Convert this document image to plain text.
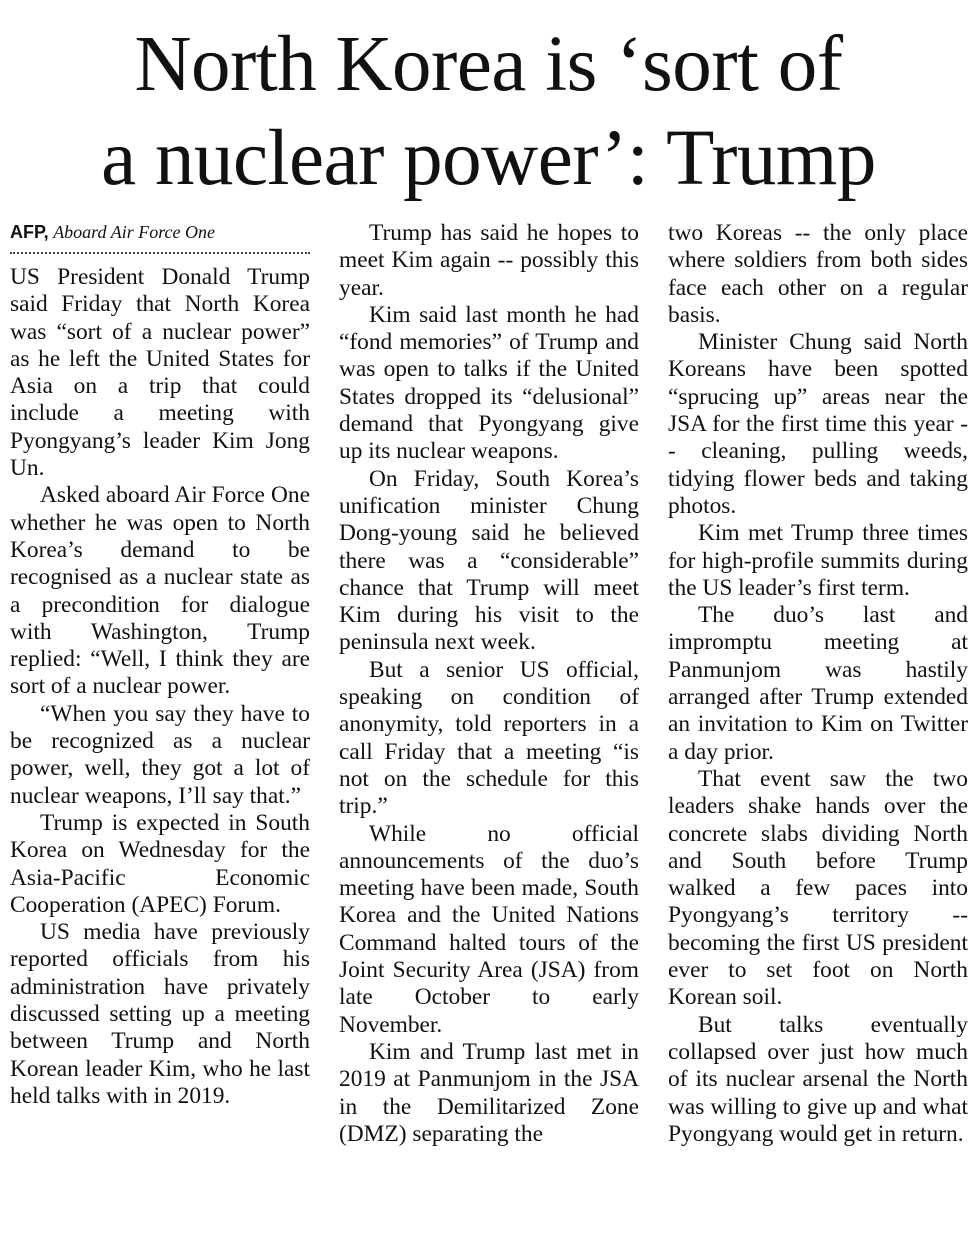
North Korea is ‘sort of
a nuclear power’: Trump
AFP, Aboard Air Force One

US President Donald Trump said Friday that North Korea was “sort of a nuclear power” as he left the United States for Asia on a trip that could include a meeting with Pyongyang’s leader Kim Jong Un.

Asked aboard Air Force One whether he was open to North Korea’s demand to be recognised as a nuclear state as a precondition for dialogue with Washington, Trump replied: “Well, I think they are sort of a nuclear power.

“When you say they have to be recognized as a nuclear power, well, they got a lot of nuclear weapons, I’ll say that.”

Trump is expected in South Korea on Wednesday for the Asia-Pacific Economic Cooperation (APEC) Forum.

US media have previously reported officials from his administration have privately discussed setting up a meeting between Trump and North Korean leader Kim, who he last held talks with in 2019.

Trump has said he hopes to meet Kim again -- possibly this year.

Kim said last month he had “fond memories” of Trump and was open to talks if the United States dropped its “delusional” demand that Pyongyang give up its nuclear weapons.

On Friday, South Korea’s unification minister Chung Dong-young said he believed there was a “considerable” chance that Trump will meet Kim during his visit to the peninsula next week.

But a senior US official, speaking on condition of anonymity, told reporters in a call Friday that a meeting “is not on the schedule for this trip.”

While no official announcements of the duo’s meeting have been made, South Korea and the United Nations Command halted tours of the Joint Security Area (JSA) from late October to early November.

Kim and Trump last met in 2019 at Panmunjom in the JSA in the Demilitarized Zone (DMZ) separating the

two Koreas -- the only place where soldiers from both sides face each other on a regular basis.

Minister Chung said North Koreans have been spotted “sprucing up” areas near the JSA for the first time this year -- cleaning, pulling weeds, tidying flower beds and taking photos.

Kim met Trump three times for high-profile summits during the US leader’s first term.

The duo’s last and impromptu meeting at Panmunjom was hastily arranged after Trump extended an invitation to Kim on Twitter a day prior.

That event saw the two leaders shake hands over the concrete slabs dividing North and South before Trump walked a few paces into Pyongyang’s territory -- becoming the first US president ever to set foot on North Korean soil.

But talks eventually collapsed over just how much of its nuclear arsenal the North was willing to give up and what Pyongyang would get in return.
